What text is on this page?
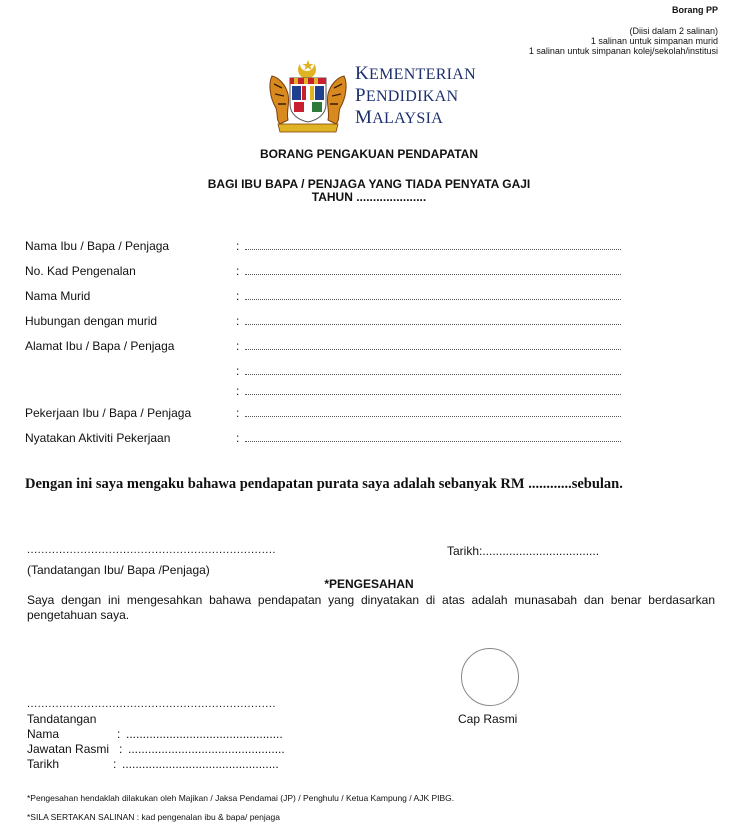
Borang PP
(Diisi dalam 2 salinan)
1 salinan untuk simpanan murid
1 salinan untuk simpanan kolej/sekolah/institusi
KEMENTERIAN
PENDIDIKAN
MALAYSIA
BORANG PENGAKUAN PENDAPATAN
BAGI IBU BAPA / PENJAGA YANG TIADA PENYATA GAJI
TAHUN .....................
Nama Ibu / Bapa / Penjaga	:
No. Kad Pengenalan	:
Nama Murid	:
Hubungan dengan murid	:
Alamat Ibu / Bapa / Penjaga	:
:
:
Pekerjaan Ibu / Bapa / Penjaga	:
Nyatakan Aktiviti Pekerjaan	:
Dengan ini saya mengaku bahawa pendapatan purata saya adalah sebanyak RM ............sebulan.
......................................................................	Tarikh:...................................
(Tandatangan Ibu/ Bapa /Penjaga)
*PENGESAHAN
Saya dengan ini mengesahkan bahawa pendapatan yang dinyatakan di atas adalah munasabah dan benar berdasarkan pengetahuan saya.
Cap Rasmi
......................................................................
Tandatangan
Nama	: ...............................................
Jawatan Rasmi : ...............................................
Tarikh	: ...............................................
*Pengesahan hendaklah dilakukan oleh Majikan / Jaksa Pendamai (JP) / Penghulu / Ketua Kampung / AJK PIBG.
*SILA SERTAKAN SALINAN : kad pengenalan ibu & bapa/ penjaga
